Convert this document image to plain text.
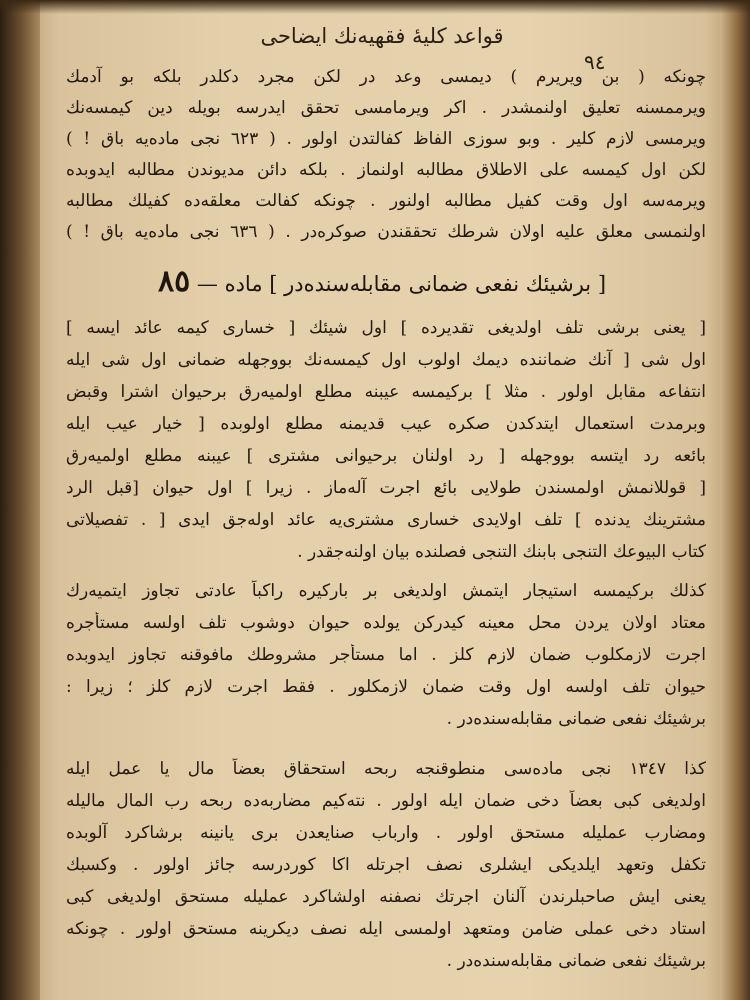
قواعد كليهٔ فقهيه‌نك ايضاحى
٩٤
چونكه ( بن ويريرم ) ديمسى وعد در لكن مجرد دكلدر بلكه بو آدمك
ويرممسنه تعليق اولنمشدر . اكر ويرمامسى تحقق ايدرسه بويله دين كيمسه‌نك
ويرمسى لازم كلير . وبو سوزى الفاظ كفالتدن اولور . ( ٦٢٣ نجى ماده‌يه باق ! )
لكن اول كيمسه على الاطلاق مطالبه اولنماز . بلكه دائن مديوندن مطالبه ايدوبده
ويرمه‌سه اول وقت كفيل مطالبه اولنور . چونكه كفالت معلقه‌ده كفيلك مطالبه
اولنمسى معلق عليه اولان شرطك تحققندن صوكره‌در . ( ٦٣٦ نجى ماده‌يه باق ! )
[ برشيئك نفعى ضمانى مقابله‌سنده‌در ] ماده — ٨٥
[ يعنى برشى تلف اولديغى تقديرده ] اول شيئك [ خسارى كيمه عائد ايسه ]
اول شى [ آنك ضماننده ديمك اولوب اول كيمسه‌نك بووجهله ضمانى اول شى ايله
انتفاعه مقابل اولور . مثلا ] بركيمسه عيبنه مطلع اولميه‌رق برحيوان اشترا وقبض
وبرمدت استعمال ايتدكدن صكره عيب قديمنه مطلع اولوبده [ خيار عيب ايله
بائعه رد ايتسه بووجهله [ رد اولنان برحيوانى مشترى ] عيبنه مطلع اولميه‌رق
[ قوللانمش اولمسندن طولايى بائع اجرت آله‌ماز . زيرا ] اول حيوان [قبل الرد
مشترينك يدنده ] تلف اولايدى خسارى مشترى‌يه عائد اوله‌جق ايدى [ . تفصيلاتى
كتاب البيوعك التنجى بابنك التنجى فصلنده بيان اولنه‌جقدر .
كذلك بركيمسه استيجار ايتمش اولديغى بر باركيره راكباً عادتى تجاوز ايتميه‌رك
معتاد اولان يردن محل معينه كيدركن يولده حيوان دوشوب تلف اولسه مستأجره
اجرت لازمكلوب ضمان لازم كلز . اما مستأجر مشروطك مافوقنه تجاوز ايدوبده
حيوان تلف اولسه اول وقت ضمان لازمكلور . فقط اجرت لازم كلز ؛ زيرا :
برشيئك نفعى ضمانى مقابله‌سنده‌در .
كذا ١٣٤٧ نجى ماده‌سى منطوقنجه ربحه استحقاق بعضاً مال يا عمل ايله
اولديغى كبى بعضاً دخى ضمان ايله اولور . نته‌كيم مضاربه‌ده ربحه رب المال ماليله
ومضارب عمليله مستحق اولور . وارباب صنايعدن برى يانينه برشاكرد آلوبده
تكفل وتعهد ايلديكى ايشلرى نصف اجرتله اكا كوردرسه جائز اولور . وكسبك
يعنى ايش صاحبلرندن آلنان اجرتك نصفنه اولشاكرد عمليله مستحق اولديغى كبى
استاد دخى عملى ضامن ومتعهد اولمسى ايله نصف ديكرينه مستحق اولور . چونكه
برشيئك نفعى ضمانى مقابله‌سنده‌در .
